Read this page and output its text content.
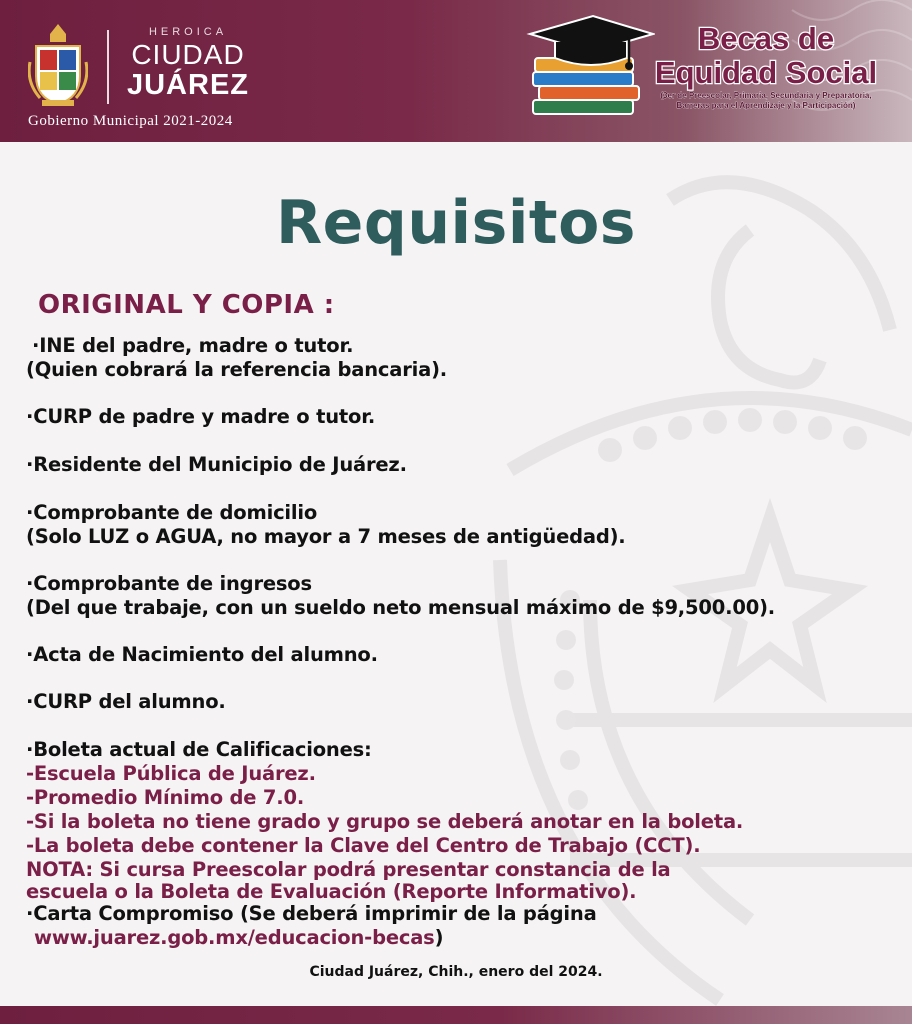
HEROICA
CIUDAD
JUÁREZ
Gobierno Municipal 2021-2024
Becas de
Equidad Social
(3er de Preescolar, Primaria, Secundaria y Preparatoria,
Barreras para el Aprendizaje y la Participación)
Requisitos
ORIGINAL Y COPIA :
·INE del padre, madre o tutor.
(Quien cobrará la referencia bancaria).
·CURP de padre y madre o tutor.
·Residente del Municipio de Juárez.
·Comprobante de domicilio
(Solo LUZ o AGUA, no mayor a 7 meses de antigüedad).
·Comprobante de ingresos
(Del que trabaje, con un sueldo neto mensual máximo de $9,500.00).
·Acta de Nacimiento del alumno.
·CURP del alumno.
·Boleta actual de Calificaciones:
-Escuela Pública de Juárez.
-Promedio Mínimo de 7.0.
-Si la boleta no tiene grado y grupo se deberá anotar en la boleta.
-La boleta debe contener la Clave del Centro de Trabajo (CCT).
NOTA: Si cursa Preescolar podrá presentar constancia de la
escuela o la Boleta de Evaluación (Reporte Informativo).
·Carta Compromiso (Se deberá imprimir de la página
www.juarez.gob.mx/educacion-becas)
Ciudad Juárez, Chih., enero del 2024.
